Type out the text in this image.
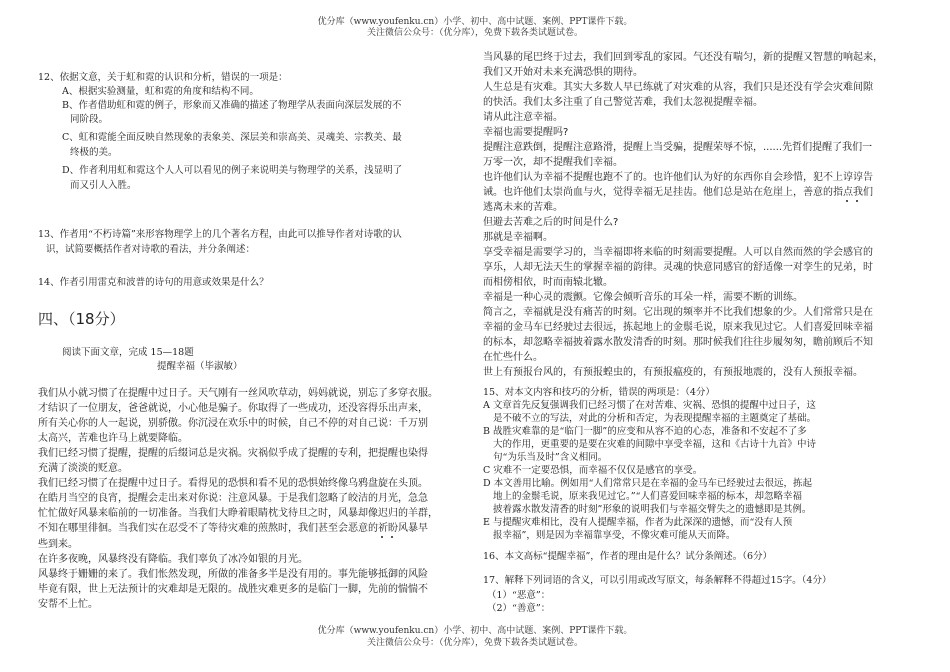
优分库（www.youfenku.cn）小学、初中、高中试题、案例、PPT课件下载。
关注微信公众号：（优分库），免费下载各类试题试卷。
12、依据文意，关于虹和霓的认识和分析，错误的一项是：
A、根据实验测量，虹和霓的角度和结构不同。
B、作者借助虹和霓的例子，形象而又准确的描述了物理学从表面向深层发展的不
同阶段。
C、虹和霓能全面反映自然现象的表象美、深层美和崇高美、灵魂美、宗教美、最
终极的美。
D、作者利用虹和霓这个人人可以看见的例子来说明美与物理学的关系，浅显明了
而又引人入胜。
13、作者用“不朽诗篇”来形容物理学上的几个著名方程，由此可以推导作者对诗歌的认
识，试简要概括作者对诗歌的看法，并分条阐述：
14、作者引用雷克和波普的诗句的用意或效果是什么？
四、（18分）
阅读下面文章，完成 15—18题
提醒幸福（毕淑敏）
我们从小就习惯了在提醒中过日子。天气刚有一丝风吹草动，妈妈就说，别忘了多穿衣服。
才结识了一位朋友，爸爸就说，小心他是骗子。你取得了一些成功，还没容得乐出声来，
所有关心你的人一起说，别骄傲。你沉浸在欢乐中的时候，自己不停的对自己说：千万别
太高兴，苦难也许马上就要降临。
我们已经习惯了提醒，提醒的后缀词总是灾祸。灾祸似乎成了提醒的专利，把提醒也染得
充满了淡淡的贬意。
我们已经习惯了在提醒中过日子。看得见的恐惧和看不见的恐惧始终像乌鸦盘旋在头顶。
在皓月当空的良宵，提醒会走出来对你说：注意风暴。于是我们忽略了皎洁的月光，急急
忙忙做好风暴来临前的一切准备。当我们大睁着眼睛枕戈待旦之时，风暴却像迟归的羊群，
不知在哪里徘徊。当我们实在忍受不了等待灾难的煎熬时，我们甚至会恶意的祈盼风暴早
些到来。
在许多夜晚，风暴终没有降临。我们辜负了冰冷如银的月光。
风暴终于姗姗的来了。我们怅然发现，所做的准备多半是没有用的。事先能够抵御的风险
毕竟有限，世上无法预计的灾难却是无限的。战胜灾难更多的是临门一脚，先前的惴惴不
安帮不上忙。
当风暴的尾巴终于过去，我们回到零乱的家园。气还没有喘匀，新的提醒又智慧的响起来，
我们又开始对未来充满恐惧的期待。
人生总是有灾难。其实大多数人早已练就了对灾难的从容，我们只是还没有学会灾难间隙
的快活。我们太多注重了自己警觉苦难，我们太忽视提醒幸福。
请从此注意幸福。
幸福也需要提醒吗?
提醒注意跌倒，提醒注意路滑，提醒上当受骗，提醒荣辱不惊，......先哲们提醒了我们一
万零一次，却不提醒我们幸福。
也许他们认为幸福不提醒也跑不了的。也许他们认为好的东西你自会珍惜，犯不上谆谆告
诫。也许他们太崇尚血与火，觉得幸福无足挂齿。他们总是站在危崖上，善意的指点我们
逃离未来的苦难。
但避去苦难之后的时间是什么?
那就是幸福啊。
享受幸福是需要学习的，当幸福即将来临的时刻需要提醒。人可以自然而然的学会感官的
享乐，人却无法天生的掌握幸福的韵律。灵魂的快意同感官的舒适像一对孪生的兄弟，时
而相傍相依，时而南辕北辙。
幸福是一种心灵的震颤。它像会倾听音乐的耳朵一样，需要不断的训练。
简言之，幸福就是没有痛苦的时刻。它出现的频率并不比我们想象的少。人们常常只是在
幸福的金马车已经驶过去很远，拣起地上的金鬃毛说，原来我见过它。人们喜爱回味幸福
的标本，却忽略幸福披着露水散发清香的时刻。那时候我们往往步履匆匆，瞻前顾后不知
在忙些什么。
世上有预报台风的，有预报蝗虫的，有预报瘟疫的，有预报地震的，没有人预报幸福。
15、对本文内容和技巧的分析，错误的两项是：（4分）
A 文章首先反复强调我们已经习惯了在对苦难、灾祸、恐惧的提醒中过日子，这
是不破不立的写法，对此的分析和否定，为表现提醒幸福的主题奠定了基础。
B 战胜灾难靠的是“临门一脚”的应变和从容不迫的心态，准备和不安起不了多
大的作用，更重要的是要在灾难的间隙中享受幸福，这和《古诗十九首》中诗
句“为乐当及时”含义相同。
C 灾难不一定要恐惧，而幸福不仅仅是感官的享受。
D 本文善用比喻。例如用“人们常常只是在幸福的金马车已经驶过去很远，拣起
地上的金鬃毛说，原来我见过它。”“人们喜爱回味幸福的标本，却忽略幸福
披着露水散发清香的时刻”形象的说明我们与幸福交臂失之的遗憾即是其例。
E 与提醒灾难相比，没有人提醒幸福，作者为此深深的遗憾，而“没有人预
报幸福”，则是因为幸福靠享受，不像灾难可能从天而降。
16、本文高标“提醒幸福”，作者的理由是什么？试分条阐述。（6分）
17、解释下列词语的含义，可以引用或改写原文，每条解释不得超过15字。（4分）
（1）“恶意”：
（2）“善意”：
优分库（www.youfenku.cn）小学、初中、高中试题、案例、PPT课件下载。
关注微信公众号：（优分库），免费下载各类试题试卷。
